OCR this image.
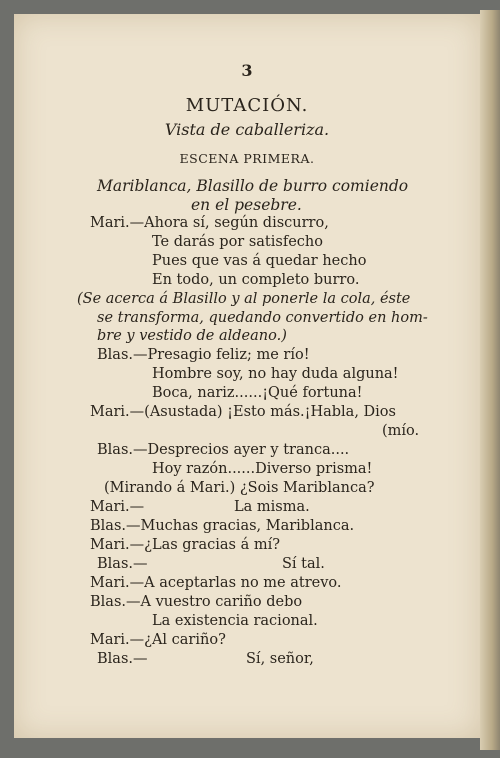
3
MUTACIÓN.
Vista de caballeriza.
ESCENA PRIMERA.
Mariblanca, Blasillo de burro comiendo
en el pesebre.
Mari.—Ahora sí, según discurro,
Te darás por satisfecho
Pues que vas á quedar hecho
En todo, un completo burro.
(Se acerca á Blasillo y al ponerle la cola, éste
se transforma, quedando convertido en hom-
bre y vestido de aldeano.)
Blas.—Presagio feliz; me río!
Hombre soy, no hay duda alguna!
Boca, nariz......¡Qué fortuna!
Mari.—(Asustada) ¡Esto más.¡Habla, Dios
(mío.
Blas.—Desprecios ayer y tranca....
Hoy razón......Diverso prisma!
(Mirando á Mari.) ¿Sois Mariblanca?
Mari.—	La misma.
Blas.—Muchas gracias, Mariblanca.
Mari.—¿Las gracias á mí?
Blas.—	Sí tal.
Mari.—A aceptarlas no me atrevo.
Blas.—A vuestro cariño debo
La existencia racional.
Mari.—¿Al cariño?
Blas.—	Sí, señor,
